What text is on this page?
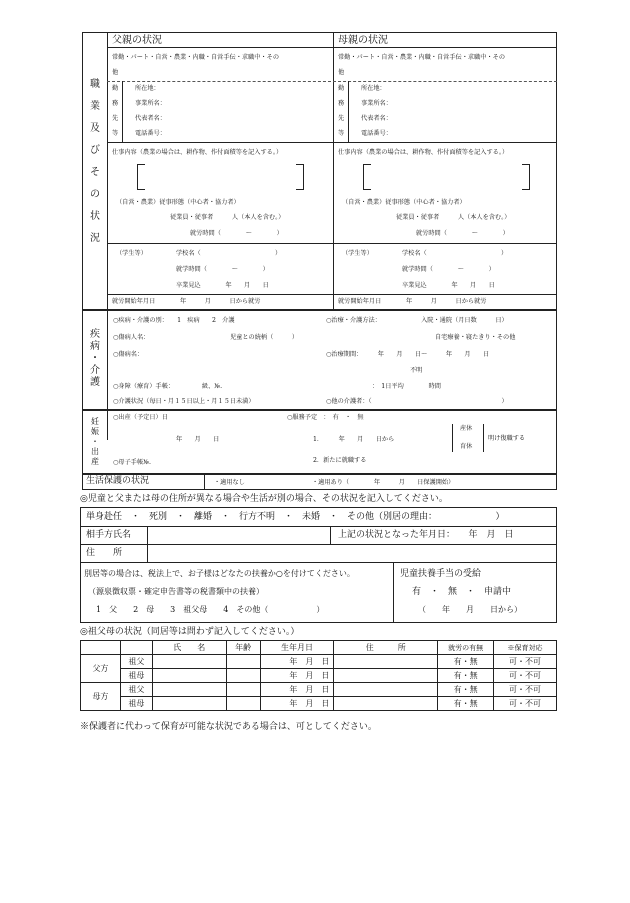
職
業
及
び
そ
の
状
況
父親の状況
常勤・パート・自営・農業・内職・自営手伝・求職中・その
他
勤
務
先
等
所在地：
事業所名：
代表者名：
電話番号：
仕事内容（農業の場合は、耕作物、作付面積等を記入する。）
（自営・農業）従事形態（中心者・協力者）
従業員・従事者　　　人（本人を含む。）
就労時間（　　　　～　　　　）
（学生等）	学校名（　　　　　　　　　　　　）
就学時間（　　　　～　　　　）
卒業見込　　　　年　　月　　日
就労開始年月日　　　　年　　　月　　　日から就労
母親の状況
常勤・パート・自営・農業・内職・自営手伝・求職中・その
他
勤
務
先
等
所在地：
事業所名：
代表者名：
電話番号：
仕事内容（農業の場合は、耕作物、作付面積等を記入する。）
（自営・農業）従事形態（中心者・協力者）
従業員・従事者　　　人（本人を含む。）
就労時間（　　　　～　　　　）
（学生等）	学校名（　　　　　　　　　　　　）
就学時間（　　　　～　　　　）
卒業見込　　　　年　　月　　日
就労開始年月日　　　　年　　　月　　　日から就労
疾
病
・
介
護
○疾病・介護の別：　　1　疾病　　2　介護	○治療・介護方法：　　　　　　　入院・通院（月日数　　　日）
○傷病人名：	児童との続柄（　　　）	自宅療養・寝たきり・その他
○傷病名：	○治療期間：　　　年　　月　　日～　　　年　　月　　日
不明
○身障（療育）手帳：　　　　　級、№.	：　1日平均　　　　時間
○介護状況（毎日・月１５日以上・月１５日未満）	○他の介護者：（　　　　　　　　　　　　　　　　　　　　　）
妊
娠
・
出
産
○出産（予定日）日
年　　月　　日
○服務予定　：　有　・　無
1．　　　年　　月　　日から
産休
育休
明け復職する
2．新たに就職する
○母子手帳№.
生活保護の状況	・適用なし	・適用あり（　　　　年　　　月　　日保護開始）
◎児童と父または母の住所が異なる場合や生活が別の場合、その状況を記入してください。
単身赴任　・　死別　・　離婚　・　行方不明　・　未婚　・　その他（別居の理由：　　　　　　　）
相手方氏名	上記の状況となった年月日：　　年　月　日
住　　所
別居等の場合は、税法上で、お子様はどなたの扶養か○を付けてください。
（源泉徴収票・確定申告書等の税書類中の扶養）
1　父　　2　母　　3　祖父母　　4　その他（　　　　　　）
児童扶養手当の受給
有　・　無　・　申請中
（　　年　　月　　日から）
◎祖父母の状況（同居等は問わず記入してください。）
		氏　　名	年齢	生年月日	住　　　所	就労の有無	※保育対応
父方	祖父			年　月　日		有・無	可・不可
	祖母			年　月　日		有・無	可・不可
母方	祖父			年　月　日		有・無	可・不可
	祖母			年　月　日		有・無	可・不可
※保護者に代わって保育が可能な状況である場合は、可としてください。
